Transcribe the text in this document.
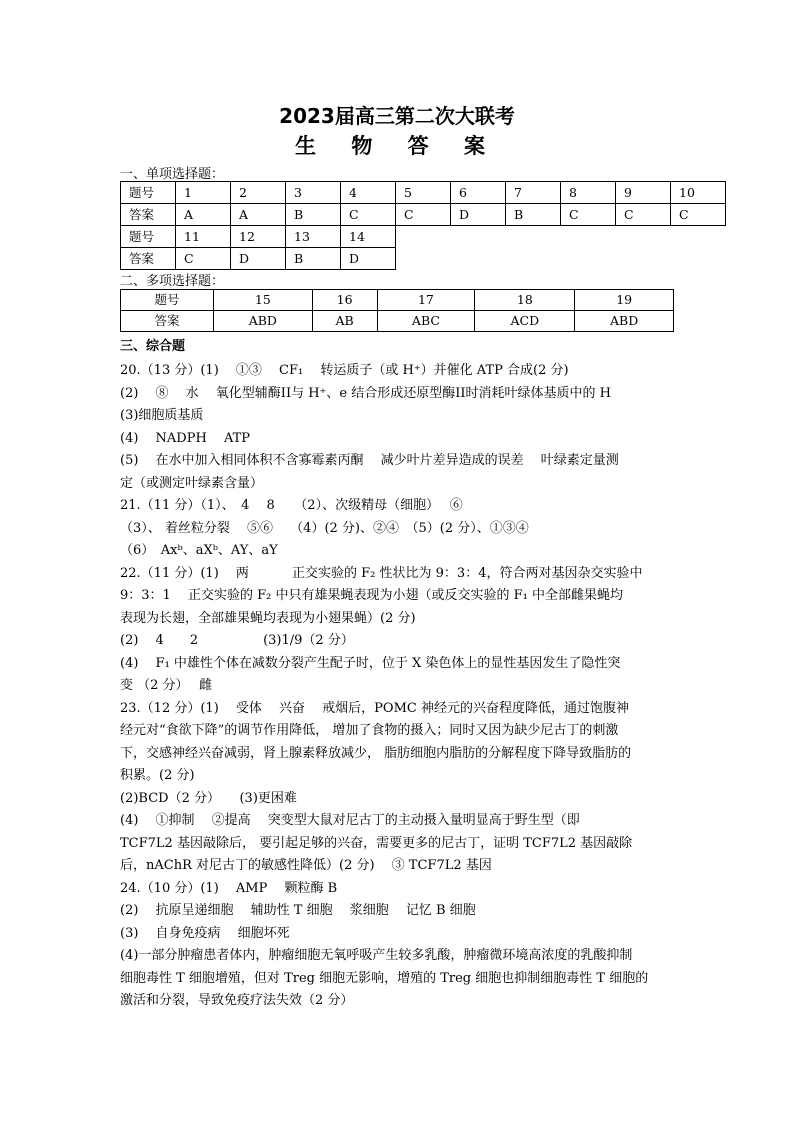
2023届高三第二次大联考
生 物 答 案
一、单项选择题：
题号	1	2	3	4	5	6	7	8	9	10
答案	A	A	B	C	C	D	B	C	C	C
题号	11	12	13	14						
答案	C	D	B	D						
二、多项选择题：
题号	15	16	17	18	19
答案	ABD	AB	ABC	ACD	ABD
三、综合题
20.（13 分）(1)　 ①③　 CF₁　 转运质子（或 H⁺）并催化 ATP 合成(2 分)
(2)　 ⑧　 水　 氧化型辅酶II与 H⁺、e 结合形成还原型酶II时消耗叶绿体基质中的 H
(3)细胞质基质
(4)　 NADPH　 ATP
(5)　 在水中加入相同体积不含寡霉素丙酮　 减少叶片差异造成的误差　 叶绿素定量测
定（或测定叶绿素含量）
21.（11 分）（1）、　4　 8　　（2）、次级精母（细胞）　 ⑥
（3）、 着丝粒分裂　 ⑤⑥　 （4）(2 分)、②④　（5）(2 分）、①③④
（6）　Axᵇ、aXᵇ、AY、aY
22.（11 分）(1)　 两　　　 正交实验的 F₂ 性状比为 9：3：4，符合两对基因杂交实验中
9：3：1　 正交实验的 F₂ 中只有雄果蝇表现为小翅（或反交实验的 F₁ 中全部雌果蝇均
表现为长翅，全部雄果蝇均表现为小翅果蝇）(2 分)
(2)　 4　　2　　　　　(3)1/9（2 分）
(4)　 F₁ 中雄性个体在减数分裂产生配子时，位于 X 染色体上的显性基因发生了隐性突
变 （2 分）　 雌
23.（12 分）(1)　 受体　 兴奋　 戒烟后，POMC 神经元的兴奋程度降低，通过饱腹神
经元对“食欲下降”的调节作用降低， 增加了食物的摄入；同时又因为缺少尼古丁的刺激
下，交感神经兴奋减弱，肾上腺素释放减少， 脂肪细胞内脂肪的分解程度下降导致脂肪的
积累。(2 分)
(2)BCD（2 分）　　(3)更困难
(4)　 ①抑制　 ②提高　 突变型大鼠对尼古丁的主动摄入量明显高于野生型（即
TCF7L2 基因敲除后， 要引起足够的兴奋，需要更多的尼古丁，证明 TCF7L2 基因敲除
后，nAChR 对尼古丁的敏感性降低）(2 分)　 ③ TCF7L2 基因
24.（10 分）(1)　 AMP　 颗粒酶 B
(2)　 抗原呈递细胞　 辅助性 T 细胞　 浆细胞　 记忆 B 细胞
(3)　 自身免疫病　 细胞坏死
(4)一部分肿瘤患者体内，肿瘤细胞无氧呼吸产生较多乳酸，肿瘤微环境高浓度的乳酸抑制
细胞毒性 T 细胞增殖，但对 Treg 细胞无影响，增殖的 Treg 细胞也抑制细胞毒性 T 细胞的
激活和分裂，导致免疫疗法失效（2 分）
